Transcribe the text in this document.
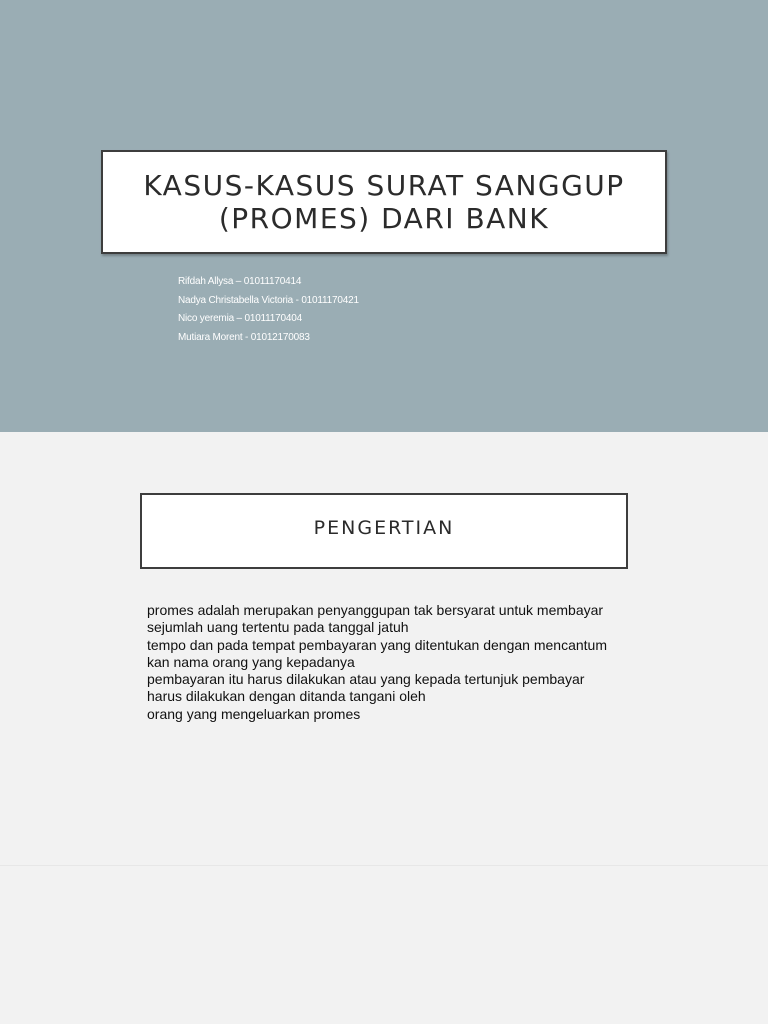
KASUS-KASUS SURAT SANGGUP (PROMES) DARI BANK
Rifdah Allysa – 01011170414
Nadya Christabella Victoria - 01011170421
Nico yeremia – 01011170404
Mutiara Morent - 01012170083
PENGERTIAN

promes adalah merupakan penyanggupan tak bersyarat untuk membayar

sejumlah uang tertentu pada tanggal jatuh

tempo dan pada tempat pembayaran yang ditentukan dengan mencantum

kan nama orang yang kepadanya

pembayaran itu harus dilakukan atau yang kepada tertunjuk pembayar

harus dilakukan dengan ditanda tangani oleh

orang yang mengeluarkan promes
